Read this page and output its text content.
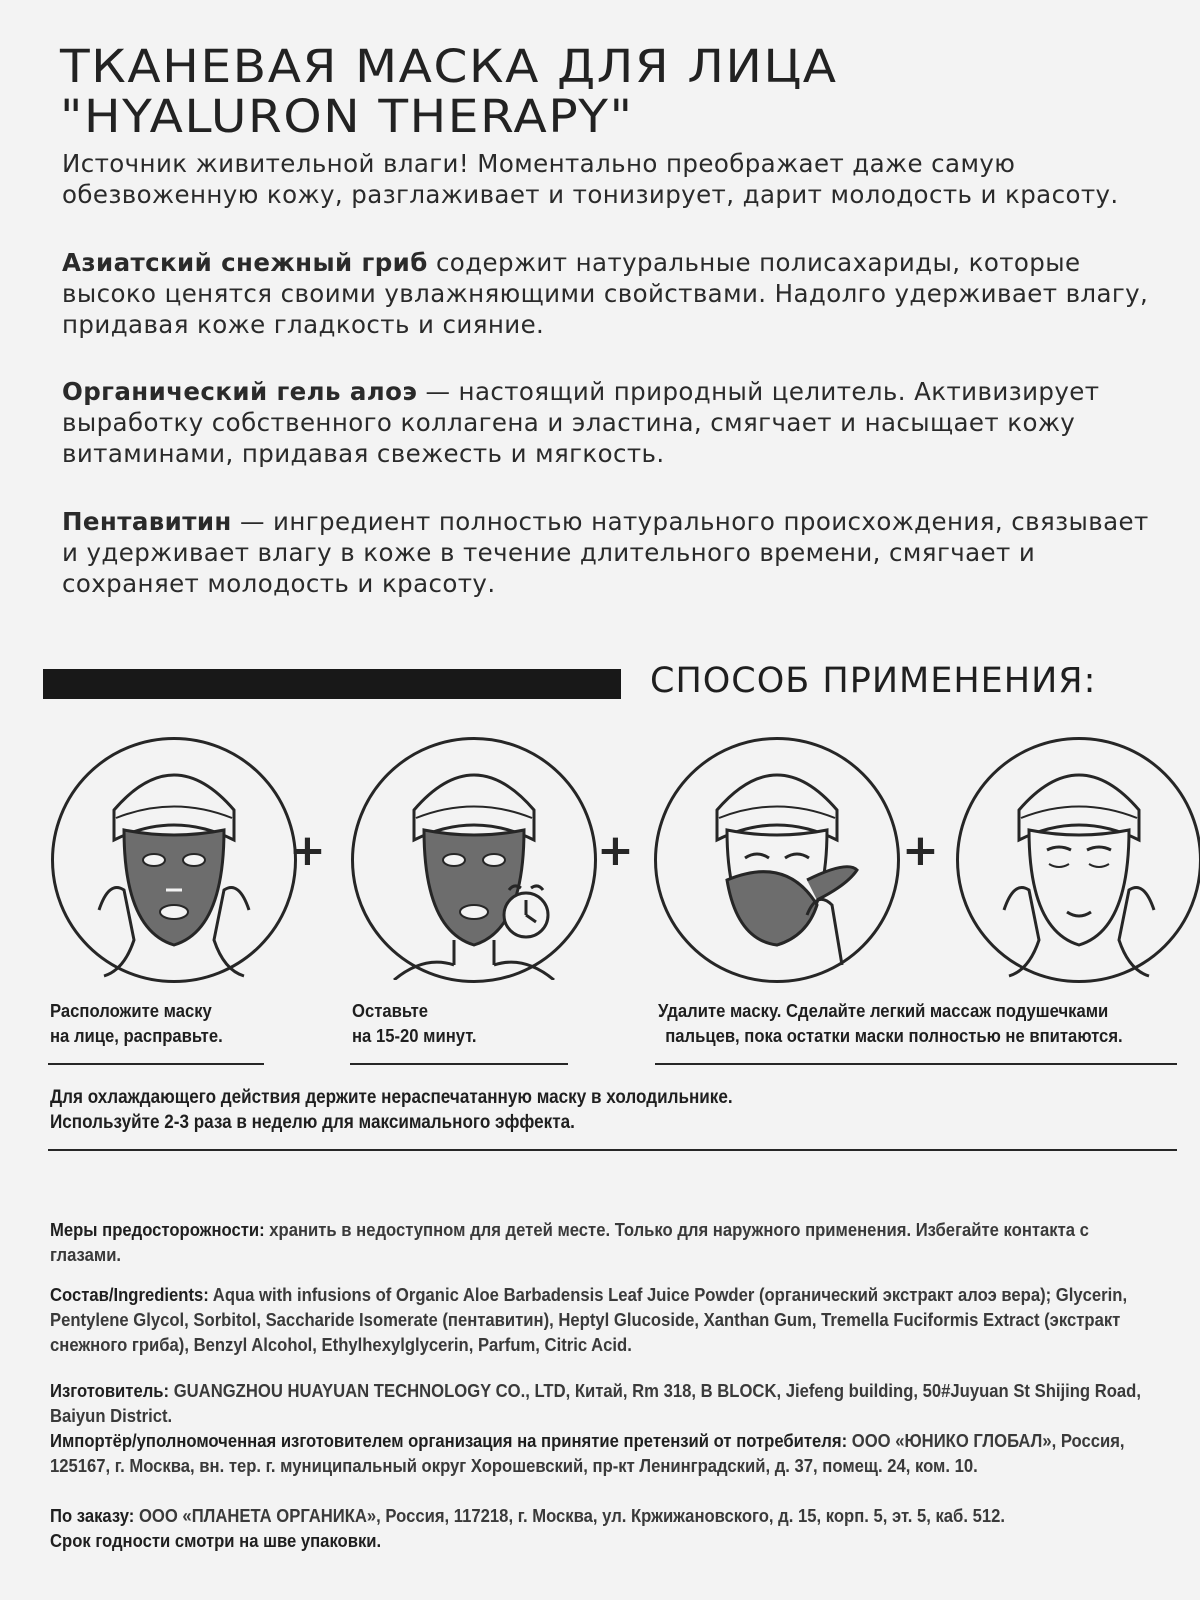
ТКАНЕВАЯ МАСКА ДЛЯ ЛИЦА
"HYALURON THERAPY"

Источник живительной влаги! Моментально преображает даже самую обезвоженную кожу, разглаживает и тонизирует, дарит молодость и красоту.

Азиатский снежный гриб содержит натуральные полисахариды, которые высоко ценятся своими увлажняющими свойствами. Надолго удерживает влагу, придавая коже гладкость и сияние.

Органический гель алоэ — настоящий природный целитель. Активизирует выработку собственного коллагена и эластина, смягчает и насыщает кожу витаминами, придавая свежесть и мягкость.

Пентавитин — ингредиент полностью натурального происхождения, связывает и удерживает влагу в коже в течение длительного времени, смягчает и сохраняет молодость и красоту.

СПОСОБ ПРИМЕНЕНИЯ:
+	+	+
Расположите маску
на лице, расправьте.
Оставьте
на 15-20 минут.
Удалите маску. Сделайте легкий массаж подушечками
пальцев, пока остатки маски полностью не впитаются.
Для охлаждающего действия держите нераспечатанную маску в холодильнике.
Используйте 2-3 раза в неделю для максимального эффекта.

Меры предосторожности: хранить в недоступном для детей месте. Только для наружного применения. Избегайте контакта с глазами.

Состав/Ingredients: Aqua with infusions of Organic Aloe Barbadensis Leaf Juice Powder (органический экстракт алоэ вера); Glycerin, Pentylene Glycol, Sorbitol, Saccharide Isomerate (пентавитин), Heptyl Glucoside, Xanthan Gum, Tremella Fuciformis Extract (экстракт снежного гриба), Benzyl Alcohol, Ethylhexylglycerin, Parfum, Citric Acid.

Изготовитель: GUANGZHOU HUAYUAN TECHNOLOGY CO., LTD, Китай, Rm 318, B BLOCK, Jiefeng building, 50#Juyuan St Shijing Road, Baiyun District.

Импортёр/уполномоченная изготовителем организация на принятие претензий от потребителя: ООО «ЮНИКО ГЛОБАЛ», Россия, 125167, г. Москва, вн. тер. г. муниципальный округ Хорошевский, пр-кт Ленинградский, д. 37, помещ. 24, ком. 10.

По заказу: ООО «ПЛАНЕТА ОРГАНИКА», Россия, 117218, г. Москва, ул. Кржижановского, д. 15, корп. 5, эт. 5, каб. 512.

Срок годности смотри на шве упаковки.
